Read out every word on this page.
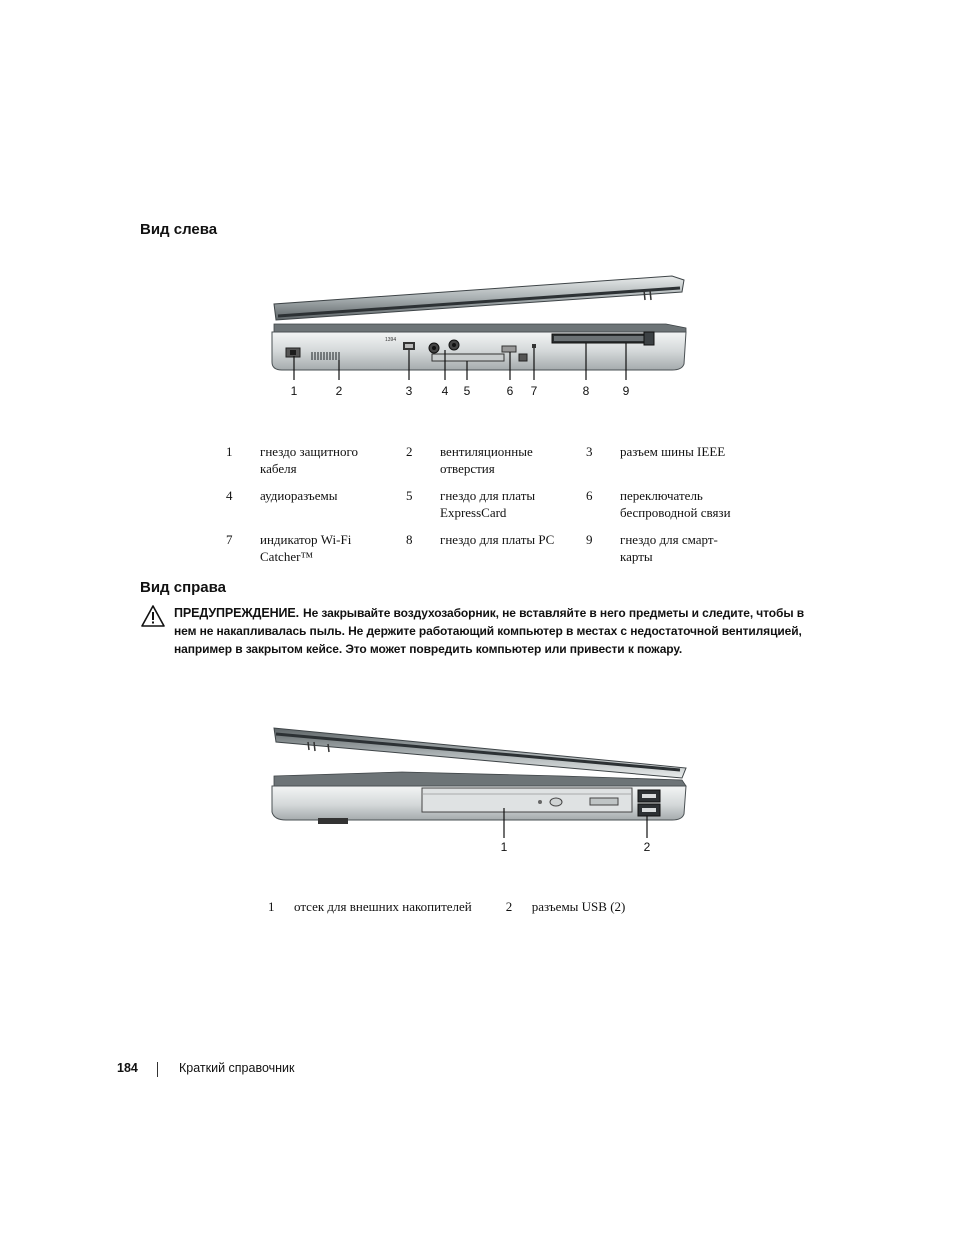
Вид слева
1394
1	2	3 4 5	6 7	8	9
1	гнездо защитного кабеля	2	вентиляционные отверстия	3	разъем шины IEEE
4	аудиоразъемы	5	гнездо для платы ExpressCard	6	переключатель беспроводной связи
7	индикатор Wi-Fi Catcher™	8	гнездо для платы PC	9	гнездо для смарт-карты
Вид справа
ПРЕДУПРЕЖДЕНИЕ. Не закрывайте воздухозаборник, не вставляйте в него предметы и следите, чтобы в нем не накапливалась пыль. Не держите работающий компьютер в местах с недостаточной вентиляцией, например в закрытом кейсе. Это может повредить компьютер или привести к пожару.
1	2
1	отсек для внешних накопителей	2	разъемы USB (2)
184	Краткий справочник
